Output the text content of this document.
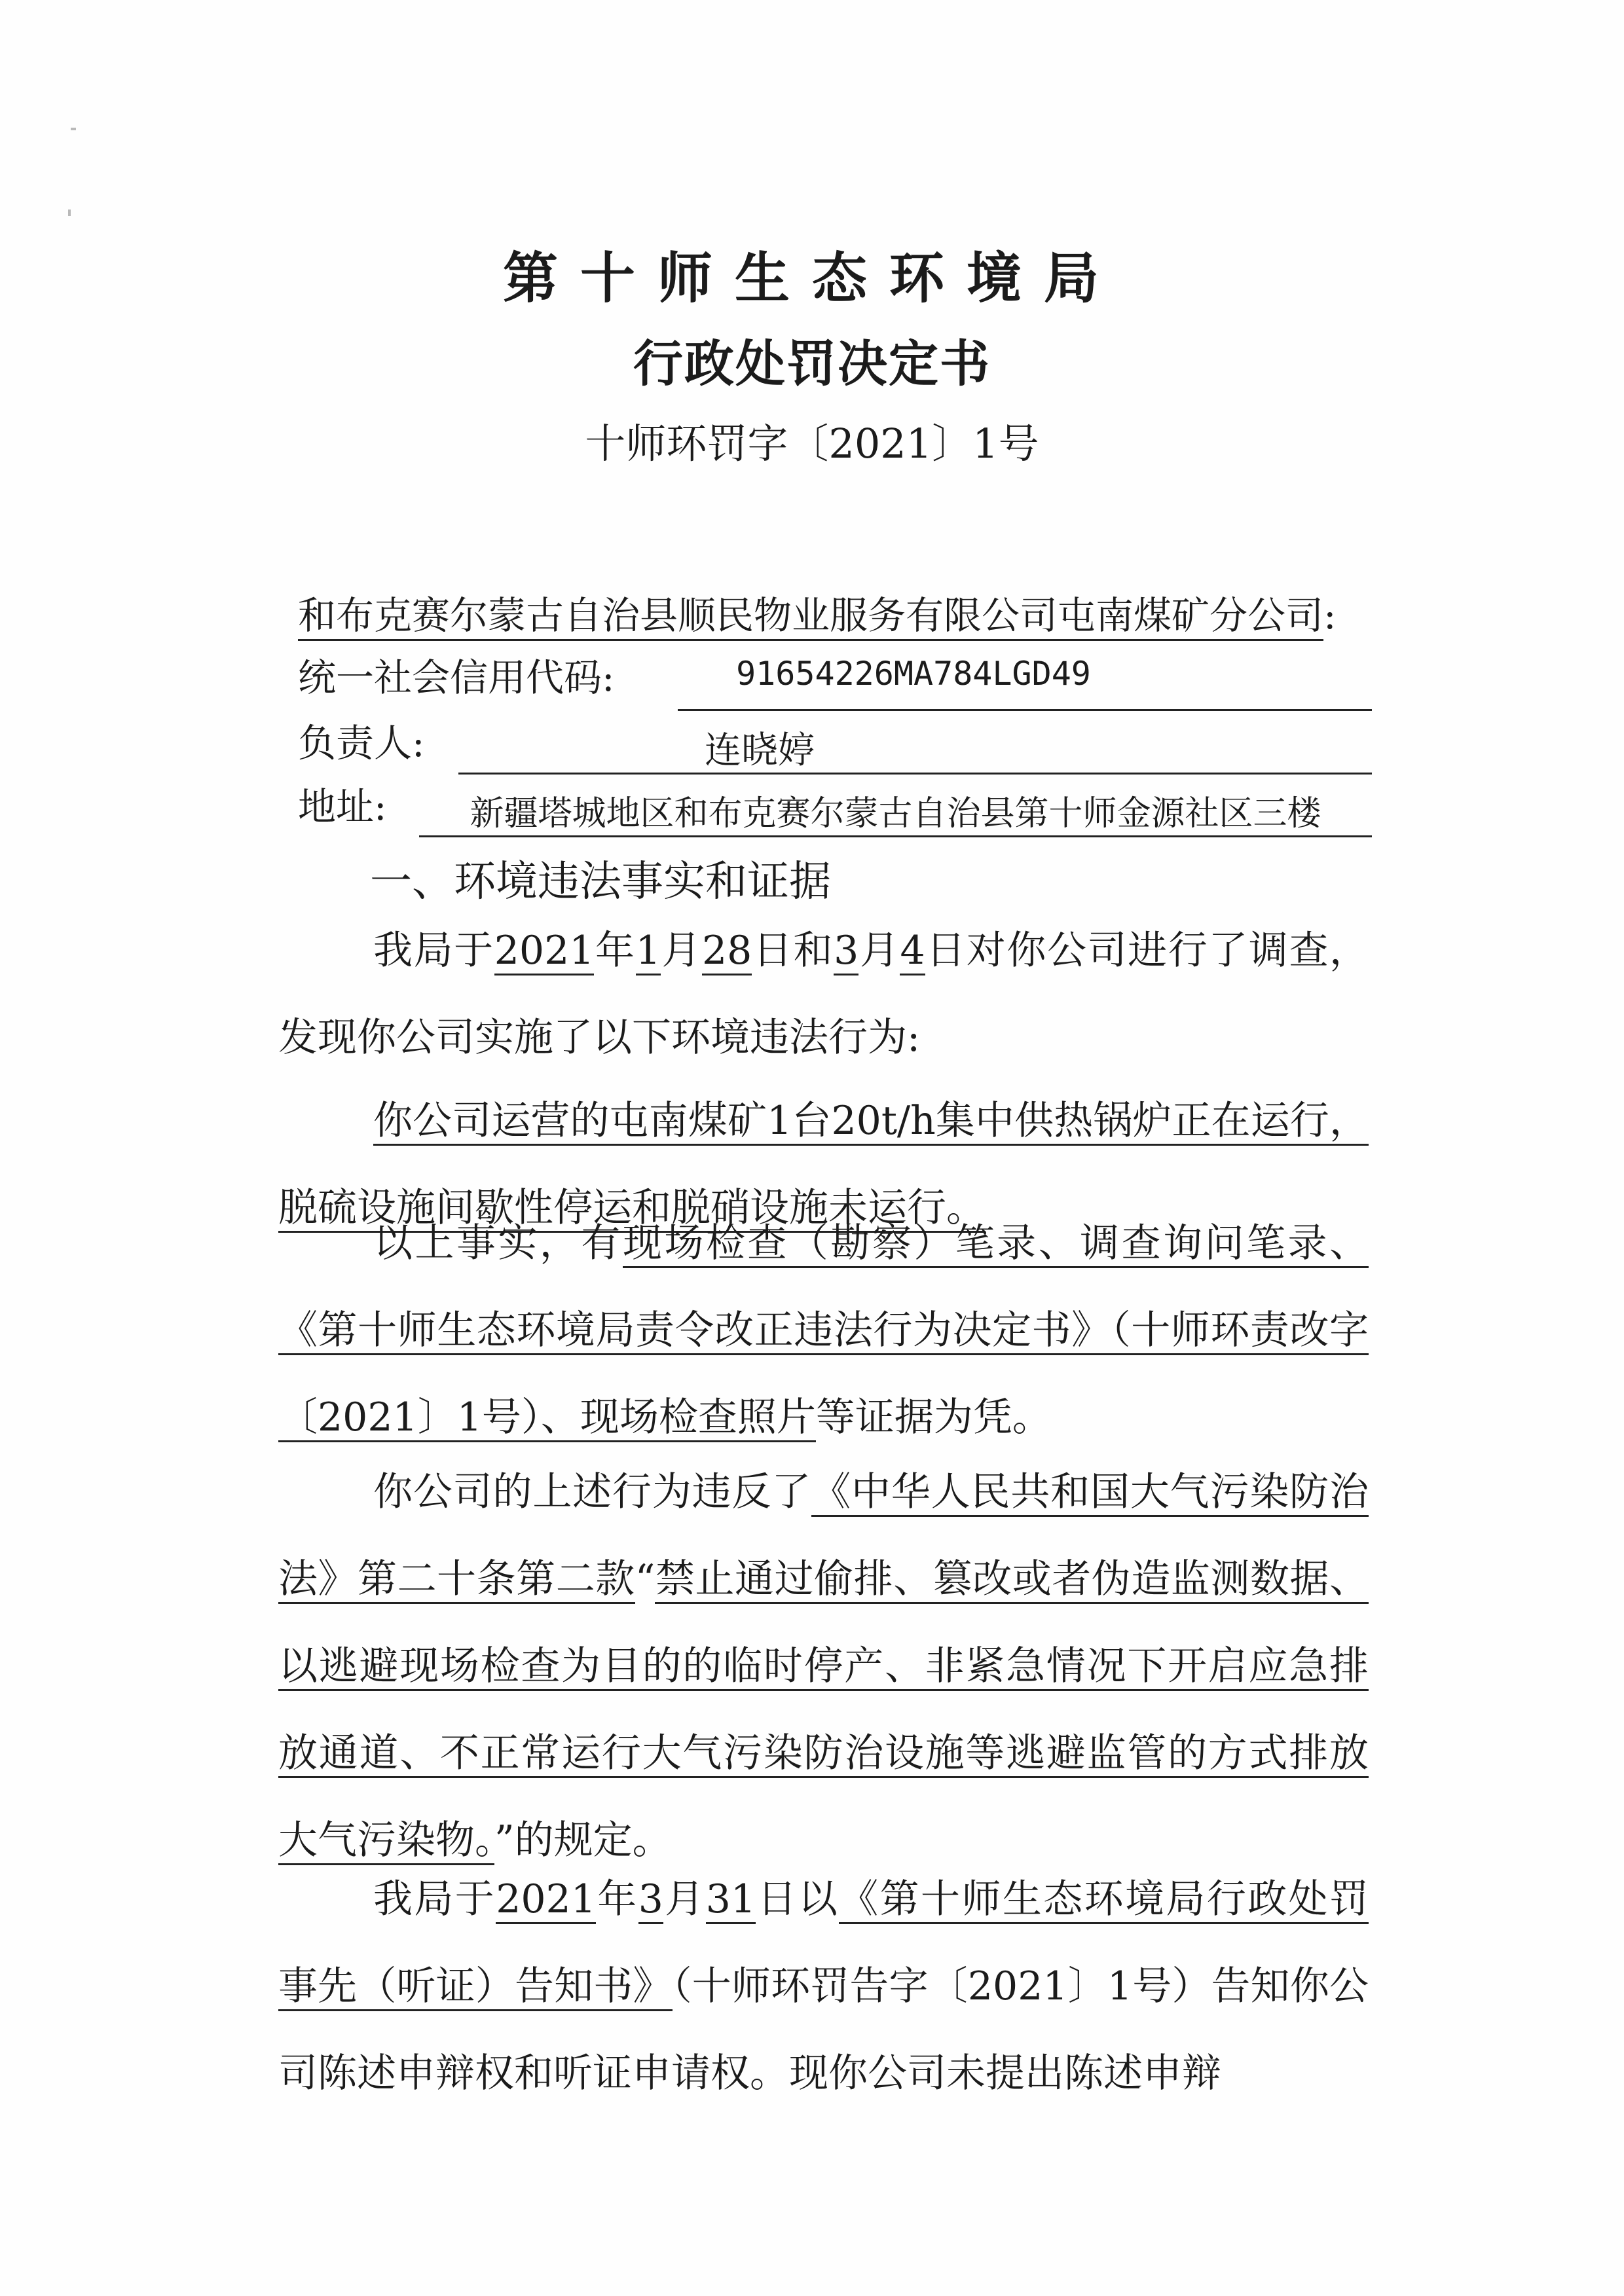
第十师生态环境局
行政处罚决定书
十师环罚字〔2021〕1号
和布克赛尔蒙古自治县顺民物业服务有限公司屯南煤矿分公司:
统一社会信用代码:	91654226MA784LGD49
负责人:	连晓婷
地址:	新疆塔城地区和布克赛尔蒙古自治县第十师金源社区三楼
一、环境违法事实和证据
我局于2021年1月28日和3月4日对你公司进行了调查，发现你公司实施了以下环境违法行为:
你公司运营的屯南煤矿1台20t/h集中供热锅炉正在运行，脱硫设施间歇性停运和脱硝设施未运行。
以上事实，有现场检查（勘察）笔录、调查询问笔录、《第十师生态环境局责令改正违法行为决定书》（十师环责改字〔2021〕1号）、现场检查照片等证据为凭。
你公司的上述行为违反了《中华人民共和国大气污染防治法》第二十条第二款“禁止通过偷排、篡改或者伪造监测数据、以逃避现场检查为目的的临时停产、非紧急情况下开启应急排放通道、不正常运行大气污染防治设施等逃避监管的方式排放大气污染物。”的规定。
我局于2021年3月31日以《第十师生态环境局行政处罚事先（听证）告知书》（十师环罚告字〔2021〕1号）告知你公司陈述申辩权和听证申请权。现你公司未提出陈述申辩
